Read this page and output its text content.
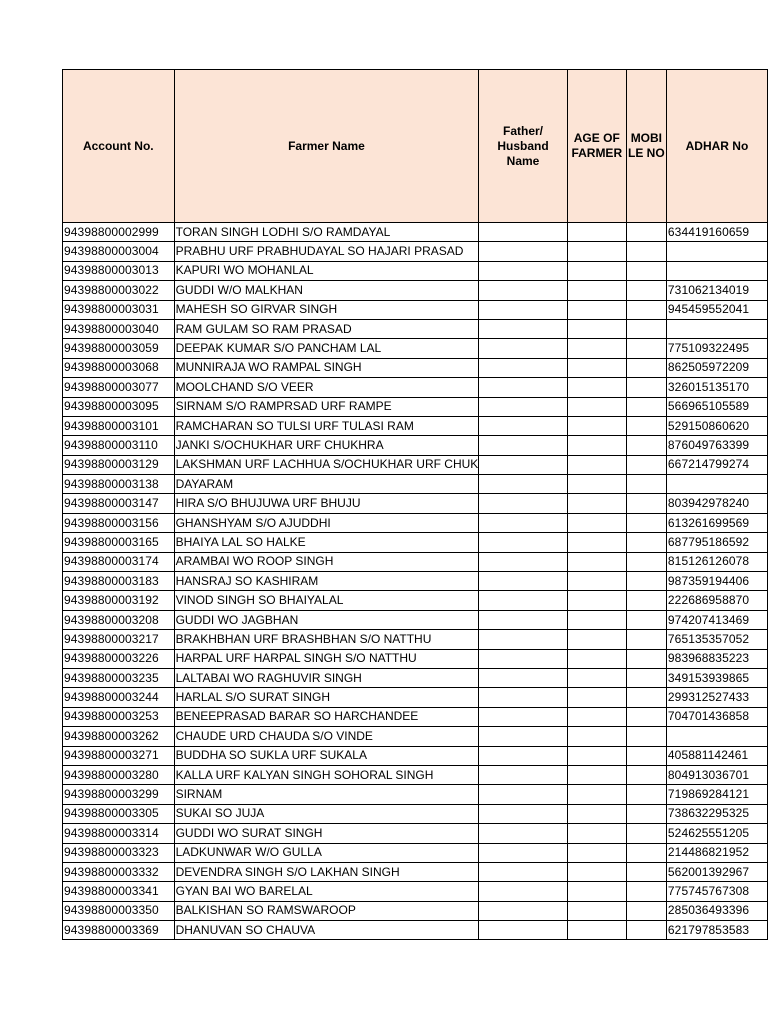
Account No.	Farmer Name	Father/ Husband Name	AGE OF FARMER	MOBI LE NO	ADHAR No
94398800002999	TORAN SINGH LODHI S/O RAMDAYAL				634419160659
94398800003004	PRABHU URF PRABHUDAYAL SO HAJARI PRASAD				
94398800003013	KAPURI WO MOHANLAL				
94398800003022	GUDDI W/O MALKHAN				731062134019
94398800003031	MAHESH SO GIRVAR SINGH				945459552041
94398800003040	RAM GULAM SO RAM PRASAD				
94398800003059	DEEPAK KUMAR S/O PANCHAM LAL				775109322495
94398800003068	MUNNIRAJA WO RAMPAL SINGH				862505972209
94398800003077	MOOLCHAND S/O VEER				326015135170
94398800003095	SIRNAM S/O RAMPRSAD URF RAMPE				566965105589
94398800003101	RAMCHARAN SO TULSI URF TULASI RAM				529150860620
94398800003110	JANKI S/OCHUKHAR URF CHUKHRA				876049763399
94398800003129	LAKSHMAN URF LACHHUA S/OCHUKHAR URF CHUK				667214799274
94398800003138	DAYARAM				
94398800003147	HIRA S/O BHUJUWA URF BHUJU				803942978240
94398800003156	GHANSHYAM S/O AJUDDHI				613261699569
94398800003165	BHAIYA LAL SO HALKE				687795186592
94398800003174	ARAMBAI WO ROOP SINGH				815126126078
94398800003183	HANSRAJ SO KASHIRAM				987359194406
94398800003192	VINOD SINGH SO BHAIYALAL				222686958870
94398800003208	GUDDI WO JAGBHAN				974207413469
94398800003217	BRAKHBHAN URF BRASHBHAN S/O NATTHU				765135357052
94398800003226	HARPAL URF HARPAL SINGH S/O NATTHU				983968835223
94398800003235	LALTABAI WO RAGHUVIR SINGH				349153939865
94398800003244	HARLAL S/O SURAT SINGH				299312527433
94398800003253	BENEEPRASAD BARAR SO HARCHANDEE				704701436858
94398800003262	CHAUDE URD CHAUDA S/O VINDE				
94398800003271	BUDDHA SO SUKLA URF SUKALA				405881142461
94398800003280	KALLA URF KALYAN SINGH SOHORAL SINGH				804913036701
94398800003299	SIRNAM				719869284121
94398800003305	SUKAI SO JUJA				738632295325
94398800003314	GUDDI WO SURAT SINGH				524625551205
94398800003323	LADKUNWAR W/O GULLA				214486821952
94398800003332	DEVENDRA SINGH S/O LAKHAN SINGH				562001392967
94398800003341	GYAN BAI WO BARELAL				775745767308
94398800003350	BALKISHAN SO RAMSWAROOP				285036493396
94398800003369	DHANUVAN SO CHAUVA				621797853583
